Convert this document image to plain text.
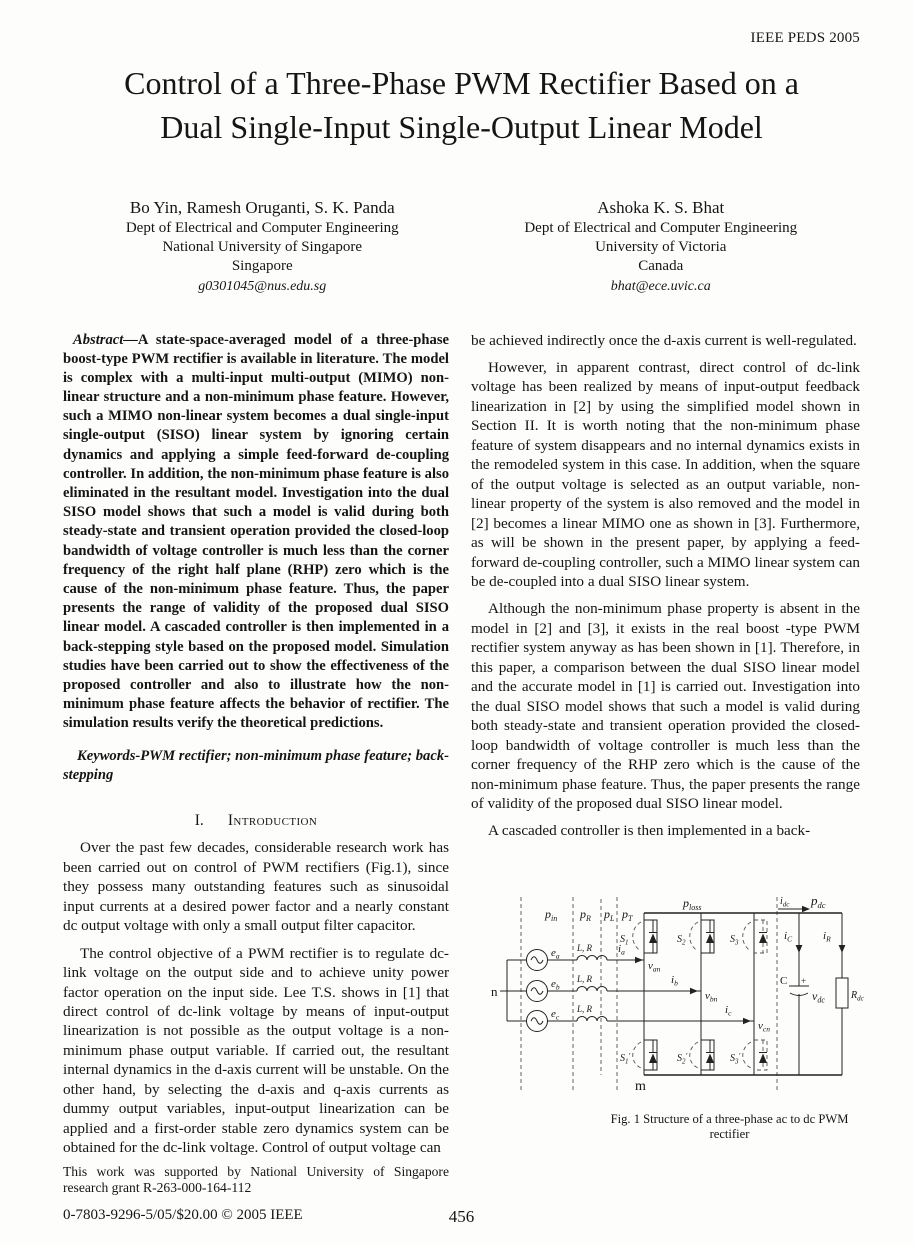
IEEE PEDS 2005
Control of a Three-Phase PWM Rectifier Based on a
Dual Single-Input Single-Output Linear Model
Bo Yin, Ramesh Oruganti, S. K. Panda
Dept of Electrical and Computer Engineering
National University of Singapore
Singapore
g0301045@nus.edu.sg
Ashoka K. S. Bhat
Dept of Electrical and Computer Engineering
University of Victoria
Canada
bhat@ece.uvic.ca

Abstract—A state-space-averaged model of a three-phase boost-type PWM rectifier is available in literature. The model is complex with a multi-input multi-output (MIMO) non-linear structure and a non-minimum phase feature. However, such a MIMO non-linear system becomes a dual single-input single-output (SISO) linear system by ignoring certain dynamics and applying a simple feed-forward de-coupling controller. In addition, the non-minimum phase feature is also eliminated in the resultant model. Investigation into the dual SISO model shows that such a model is valid during both steady-state and transient operation provided the closed-loop bandwidth of voltage controller is much less than the corner frequency of the right half plane (RHP) zero which is the cause of the non-minimum phase feature. Thus, the paper presents the range of validity of the proposed dual SISO linear model. A cascaded controller is then implemented in a back-stepping style based on the proposed model. Simulation studies have been carried out to show the effectiveness of the proposed controller and also to illustrate how the non-minimum phase feature affects the behavior of rectifier. The simulation results verify the theoretical predictions.

Keywords-PWM rectifier; non-minimum phase feature; back-stepping

I. Introduction

Over the past few decades, considerable research work has been carried out on control of PWM rectifiers (Fig.1), since they possess many outstanding features such as sinusoidal input currents at a desired power factor and a nearly constant dc output voltage with only a small output filter capacitor.

The control objective of a PWM rectifier is to regulate dc-link voltage on the output side and to achieve unity power factor operation on the input side. Lee T.S. shows in [1] that direct control of dc-link voltage by means of input-output linearization is not possible as the output voltage is a non-minimum phase output variable. If carried out, the resultant internal dynamics in the d-axis current will be unstable. On the other hand, by selecting the d-axis and q-axis currents as dummy output variables, input-output linearization can be applied and a first-order stable zero dynamics system can be obtained for the dc-link voltage. Control of output voltage can

This work was supported by National University of Singapore research grant R-263-000-164-112

be achieved indirectly once the d-axis current is well-regulated.

However, in apparent contrast, direct control of dc-link voltage has been realized by means of input-output feedback linearization in [2] by using the simplified model shown in Section II. It is worth noting that the non-minimum phase feature of system disappears and no internal dynamics exists in the remodeled system in this case. In addition, when the square of the output voltage is selected as an output variable, non-linear property of the system is also removed and the model in [2] becomes a linear MIMO one as shown in [3]. Furthermore, as will be shown in the present paper, by applying a feed-forward de-coupling controller, such a MIMO linear system can be de-coupled into a dual SISO linear system.

Although the non-minimum phase property is absent in the model in [2] and [3], it exists in the real boost -type PWM rectifier system anyway as has been shown in [1]. Therefore, in this paper, a comparison between the dual SISO linear model and the accurate model in [1] is carried out. Investigation into the dual SISO model shows that such a model is valid during both steady-state and transient operation provided the closed-loop bandwidth of voltage controller is much less than the corner frequency of the RHP zero which is the cause of the non-minimum phase feature. Thus, the paper presents the range of validity of the proposed dual SISO linear model.

A cascaded controller is then implemented in a back-

$p_{in}$ $p_R$ $p_L$ $p_T$
$p_{loss}$	$p_{dc}$
$i_{dc}$
n
$e_a$
$e_b$
$e_c$
L, R $i_a$
$v_{an}$
L, R	$i_b$
$v_{bn}$
L, R	$i_c$
$v_{cn}$
$S_1$	$S_2$	$S_3$
$S_1'$	$S_2'$	$S_3'$
m
C +
$v_{dc}$
$i_C$
$R_{dc}$
$i_R$
Fig. 1 Structure of a three-phase ac to dc PWM rectifier
0-7803-9296-5/05/$20.00 © 2005 IEEE	456
